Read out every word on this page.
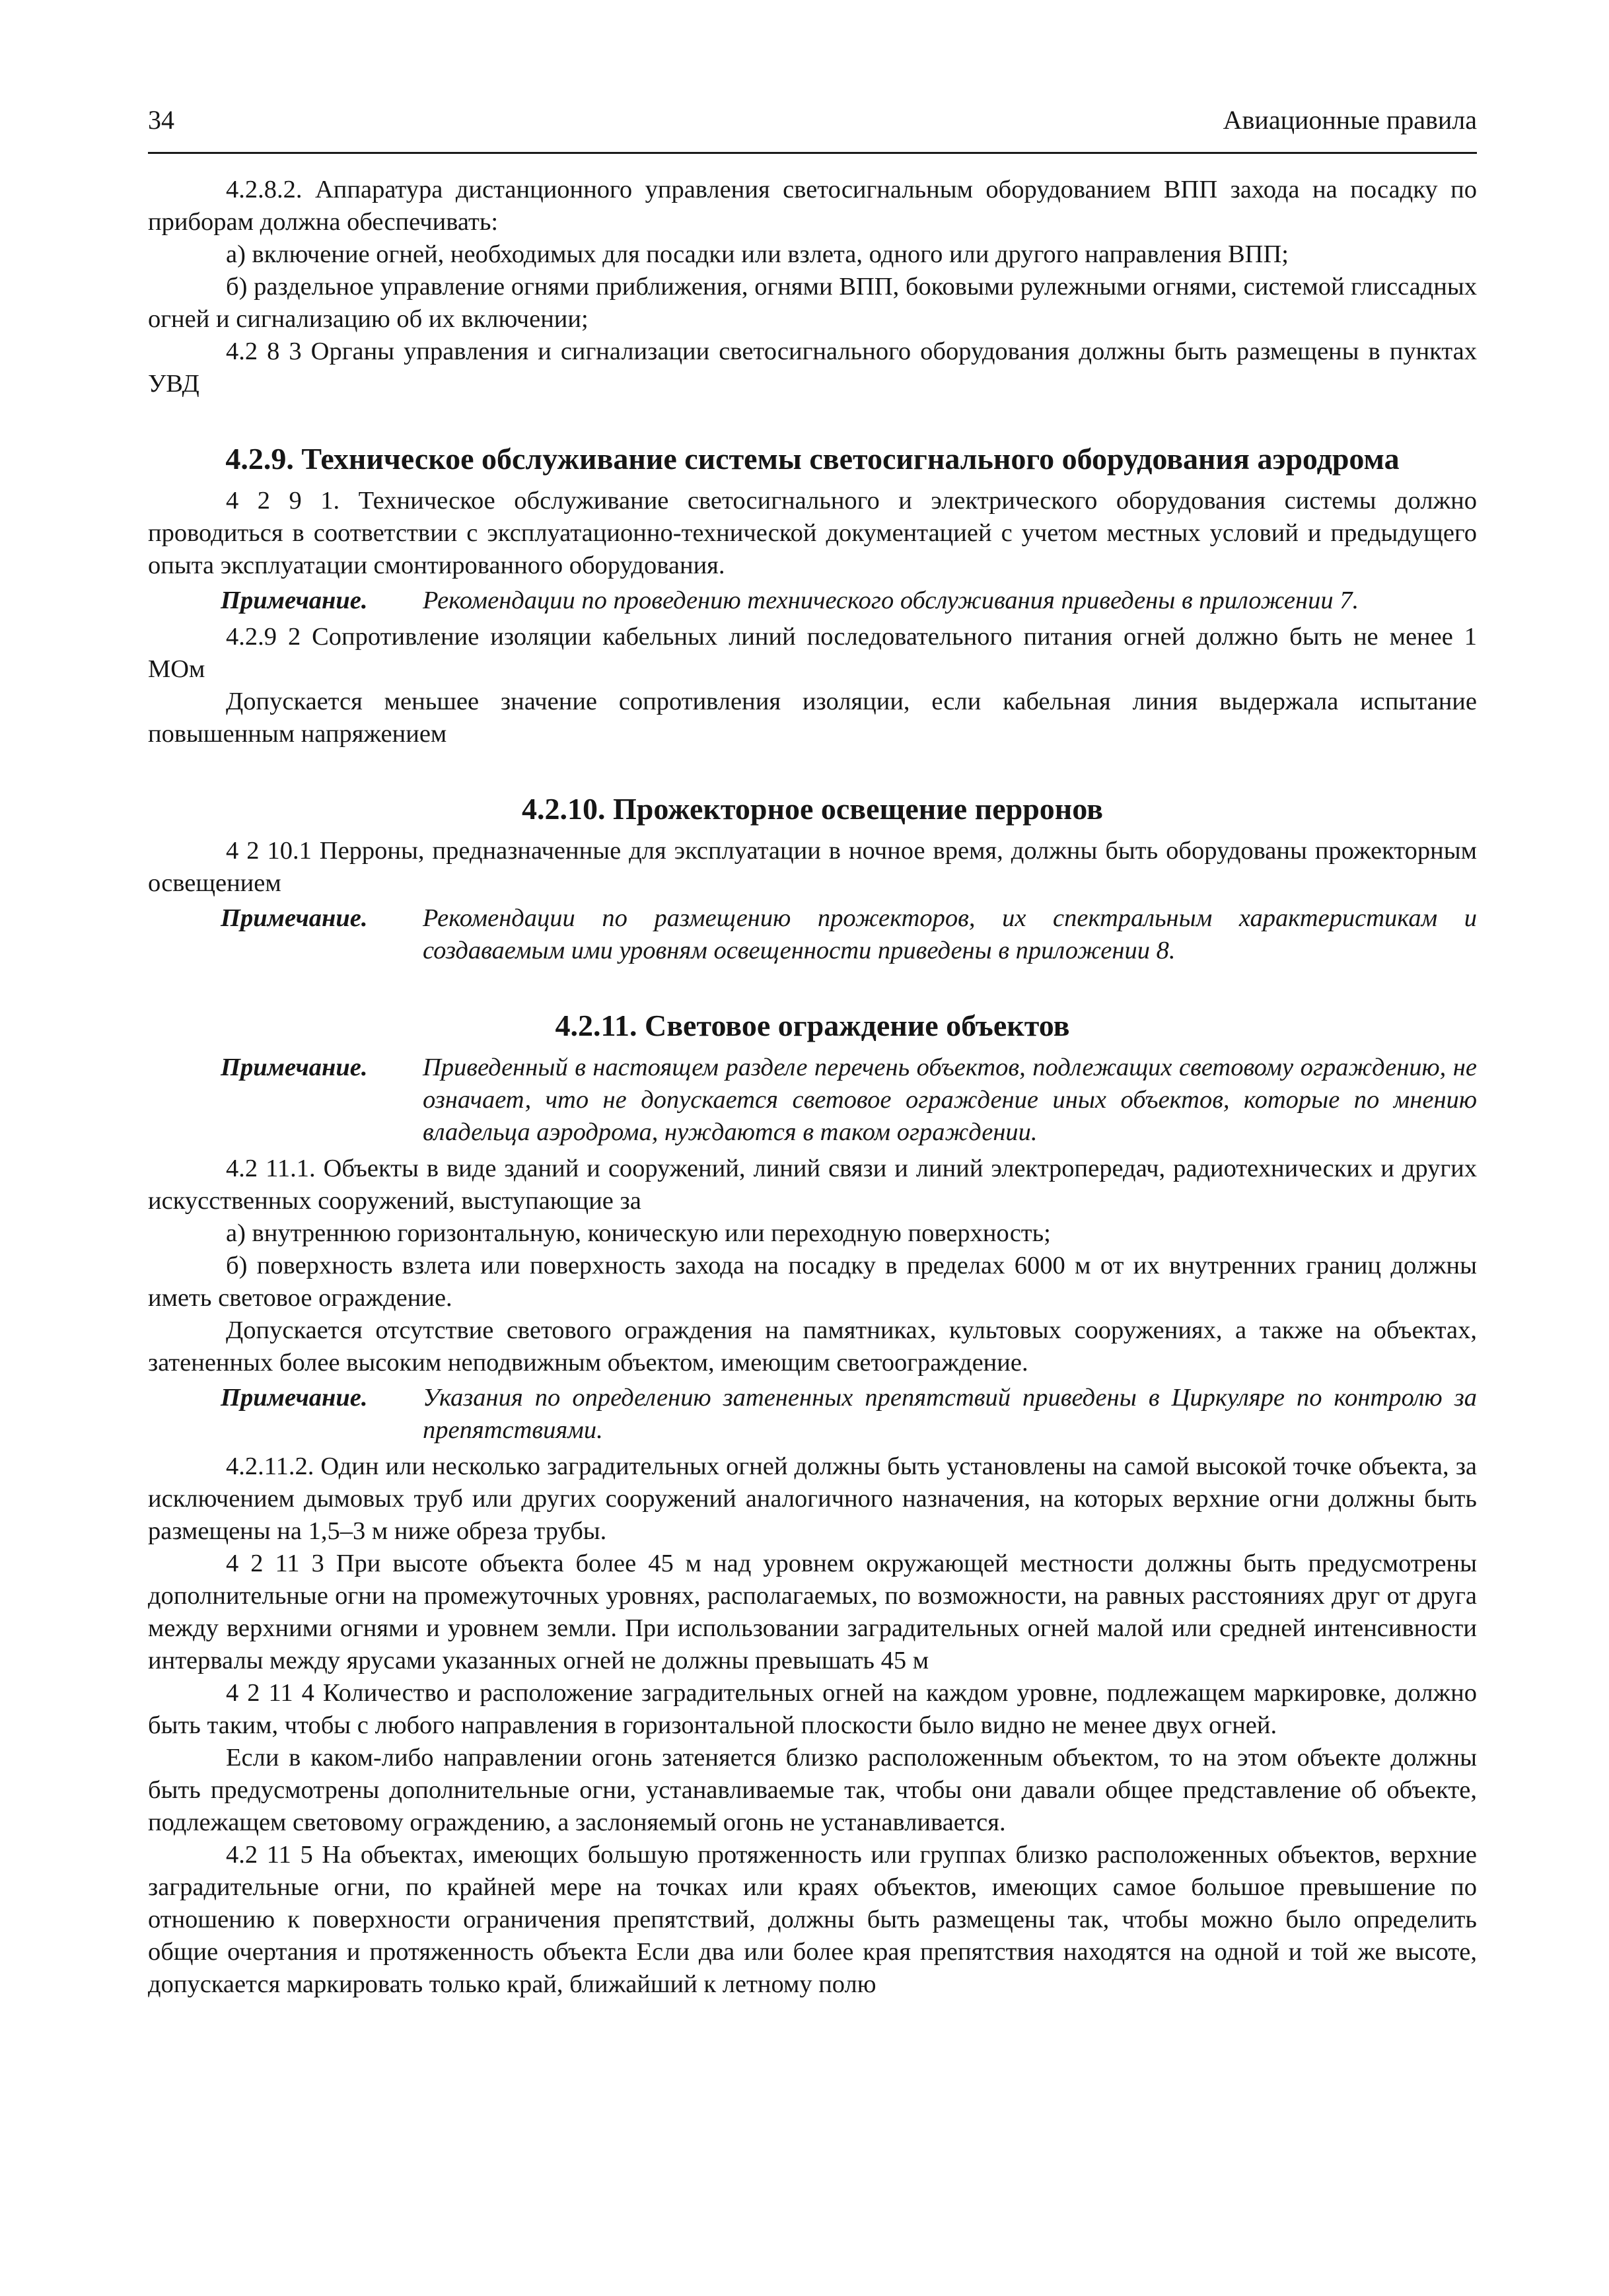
34	Авиационные правила

4.2.8.2. Аппаратура дистанционного управления светосигнальным оборудованием ВПП захода на посадку по приборам должна обеспечивать:

а) включение огней, необходимых для посадки или взлета, одного или другого направления ВПП;

б) раздельное управление огнями приближения, огнями ВПП, боковыми рулежными огнями, системой глиссадных огней и сигнализацию об их включении;

4.2 8 3 Органы управления и сигнализации светосигнального оборудования должны быть размещены в пунктах УВД

4.2.9. Техническое обслуживание системы светосигнального оборудования аэродрома

4 2 9 1. Техническое обслуживание светосигнального и электрического оборудования системы должно проводиться в соответствии с эксплуатационно-технической документацией с учетом местных условий и предыдущего опыта эксплуатации смонтированного оборудования.

Примечание.	Рекомендации по проведению технического обслуживания приведены в приложении 7.

4.2.9 2 Сопротивление изоляции кабельных линий последовательного питания огней должно быть не менее 1 МОм

Допускается меньшее значение сопротивления изоляции, если кабельная линия выдержала испытание повышенным напряжением

4.2.10. Прожекторное освещение перронов

4 2 10.1 Перроны, предназначенные для эксплуатации в ночное время, должны быть оборудованы прожекторным освещением

Примечание.	Рекомендации по размещению прожекторов, их спектральным характеристикам и создаваемым ими уровням освещенности приведены в приложении 8.
4.2.11. Световое ограждение объектов
Примечание.	Приведенный в настоящем разделе перечень объектов, подлежащих световому ограждению, не означает, что не допускается световое ограждение иных объектов, которые по мнению владельца аэродрома, нуждаются в таком ограждении.

4.2 11.1. Объекты в виде зданий и сооружений, линий связи и линий электропередач, радиотехнических и других искусственных сооружений, выступающие за

а) внутреннюю горизонтальную, коническую или переходную поверхность;

б) поверхность взлета или поверхность захода на посадку в пределах 6000 м от их внутренних границ должны иметь световое ограждение.

Допускается отсутствие светового ограждения на памятниках, культовых сооружениях, а также на объектах, затененных более высоким неподвижным объектом, имеющим светоограждение.

Примечание.	Указания по определению затененных препятствий приведены в Циркуляре по контролю за препятствиями.

4.2.11.2. Один или несколько заградительных огней должны быть установлены на самой высокой точке объекта, за исключением дымовых труб или других сооружений аналогичного назначения, на которых верхние огни должны быть размещены на 1,5–3 м ниже обреза трубы.

4 2 11 3 При высоте объекта более 45 м над уровнем окружающей местности должны быть предусмотрены дополнительные огни на промежуточных уровнях, располагаемых, по возможности, на равных расстояниях друг от друга между верхними огнями и уровнем земли. При использовании заградительных огней малой или средней интенсивности интервалы между ярусами указанных огней не должны превышать 45 м

4 2 11 4 Количество и расположение заградительных огней на каждом уровне, подлежащем маркировке, должно быть таким, чтобы с любого направления в горизонтальной плоскости было видно не менее двух огней.

Если в каком-либо направлении огонь затеняется близко расположенным объектом, то на этом объекте должны быть предусмотрены дополнительные огни, устанавливаемые так, чтобы они давали общее представление об объекте, подлежащем световому ограждению, а заслоняемый огонь не устанавливается.

4.2 11 5 На объектах, имеющих большую протяженность или группах близко расположенных объектов, верхние заградительные огни, по крайней мере на точках или краях объектов, имеющих самое большое превышение по отношению к поверхности ограничения препятствий, должны быть размещены так, чтобы можно было определить общие очертания и протяженность объекта Если два или более края препятствия находятся на одной и той же высоте, допускается маркировать только край, ближайший к летному полю
